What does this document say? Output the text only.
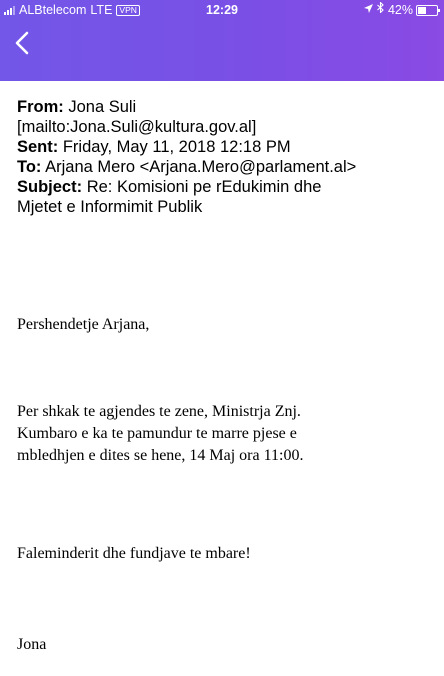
ALBtelecom LTE VPN	12:29	42%
From: Jona Suli
[mailto:Jona.Suli@kultura.gov.al]
Sent: Friday, May 11, 2018 12:18 PM
To: Arjana Mero <Arjana.Mero@parlament.al>
Subject: Re: Komisioni pe rEdukimin dhe
Mjetet e Informimit Publik
Pershendetje Arjana,
Per shkak te agjendes te zene, Ministrja Znj.
Kumbaro e ka te pamundur te marre pjese e
mbledhjen e dites se hene, 14 Maj ora 11:00.
Faleminderit dhe fundjave te mbare!
Jona
